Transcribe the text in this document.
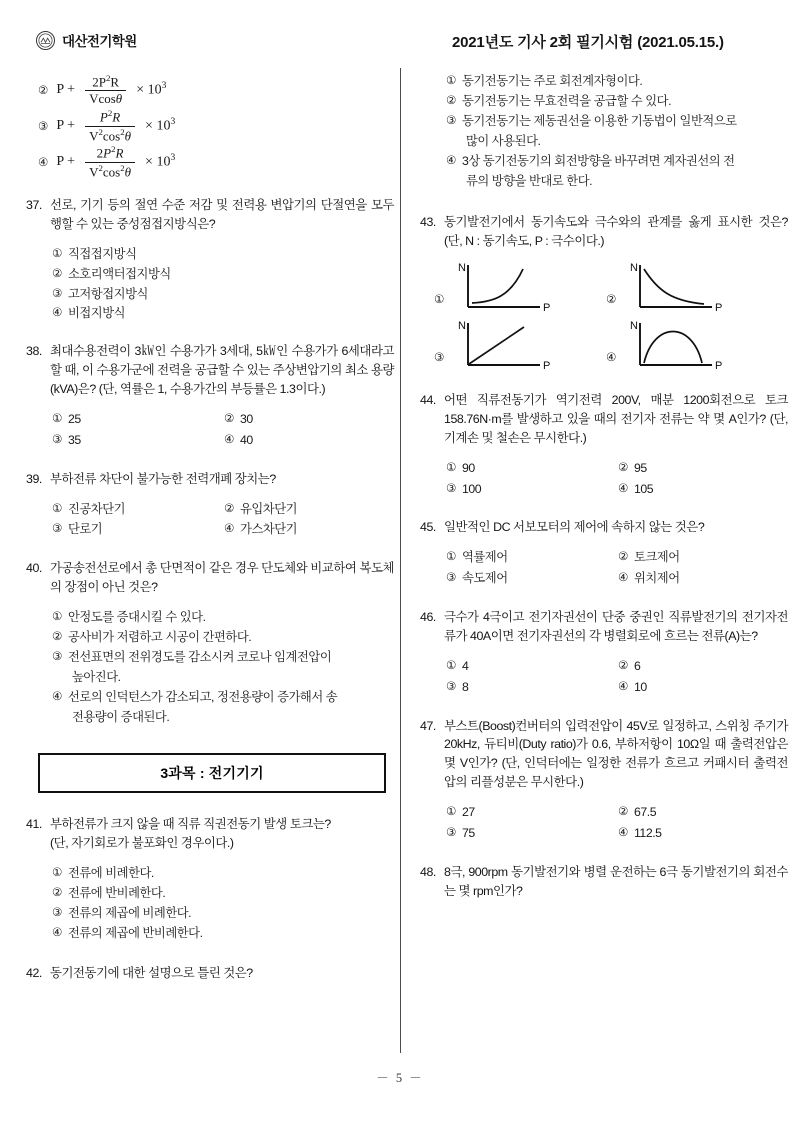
대산전기학원	2021년도 기사 2회 필기시험 (2021.05.15.)
② $P + \frac{2P^2R}{Vcos\theta} \times 10^3$
③ $P + \frac{P^2R}{V^2\cos^2\theta} \times 10^3$
④ $P + \frac{2P^2R}{V^2\cos^2\theta} \times 10^3$
37. 선로, 기기 등의 절연 수준 저감 및 전력용 변압기의 단절연을 모두 행할 수 있는 중성점접지방식은?
① 직접접지방식
② 소호리액터접지방식
③ 고저항접지방식
④ 비접지방식
38. 최대수용전력이 3㎾인 수용가가 3세대, 5㎾인 수용가가 6세대라고 할 때, 이 수용가군에 전력을 공급할 수 있는 주상변압기의 최소 용량(kVA)은? (단, 역률은 1, 수용가간의 부등률은 1.3이다.)
① 25	② 30
③ 35	④ 40
39. 부하전류 차단이 불가능한 전력개폐 장치는?
① 진공차단기	② 유입차단기
③ 단로기	④ 가스차단기
40. 가공송전선로에서 총 단면적이 같은 경우 단도체와 비교하여 복도체의 장점이 아닌 것은?
① 안정도를 증대시킬 수 있다.
② 공사비가 저렴하고 시공이 간편하다.
③ 전선표면의 전위경도를 감소시켜 코로나 임계전압이
높아진다.
④ 선로의 인덕턴스가 감소되고, 정전용량이 증가해서 송
전용량이 증대된다.
3과목 : 전기기기
41. 부하전류가 크지 않을 때 직류 직권전동기 발생 토크는?
(단, 자기회로가 불포화인 경우이다.)
① 전류에 비례한다.
② 전류에 반비례한다.
③ 전류의 제곱에 비례한다.
④ 전류의 제곱에 반비례한다.
42. 동기전동기에 대한 설명으로 틀린 것은?
① 동기전동기는 주로 회전계자형이다.
② 동기전동기는 무효전력을 공급할 수 있다.
③ 동기전동기는 제동권선을 이용한 기동법이 일반적으로
많이 사용된다.
④ 3상 동기전동기의 회전방향을 바꾸려면 계자권선의 전
류의 방향을 반대로 한다.
43. 동기발전기에서 동기속도와 극수와의 관계를 옳게 표시한 것은? (단, N : 동기속도, P : 극수이다.)
①
N
P
②
N
P
③
N
P
④
N
P
44. 어떤 직류전동기가 역기전력 200V, 매분 1200회전으로 토크 158.76N·m를 발생하고 있을 때의 전기자 전류는 약 몇 A인가? (단, 기계손 및 철손은 무시한다.)
① 90	② 95
③ 100	④ 105
45. 일반적인 DC 서보모터의 제어에 속하지 않는 것은?
① 역률제어	② 토크제어
③ 속도제어	④ 위치제어
46. 극수가 4극이고 전기자권선이 단중 중권인 직류발전기의 전기자전류가 40A이면 전기자권선의 각 병렬회로에 흐르는 전류(A)는?
① 4	② 6
③ 8	④ 10
47. 부스트(Boost)컨버터의 입력전압이 45V로 일정하고, 스위칭 주기가 20kHz, 듀티비(Duty ratio)가 0.6, 부하저항이 10Ω일 때 출력전압은 몇 V인가? (단, 인덕터에는 일정한 전류가 흐르고 커패시터 출력전압의 리플성분은 무시한다.)
① 27	② 67.5
③ 75	④ 112.5
48. 8극, 900rpm 동기발전기와 병렬 운전하는 6극 동기발전기의 회전수는 몇 rpm인가?
－ 5 －
